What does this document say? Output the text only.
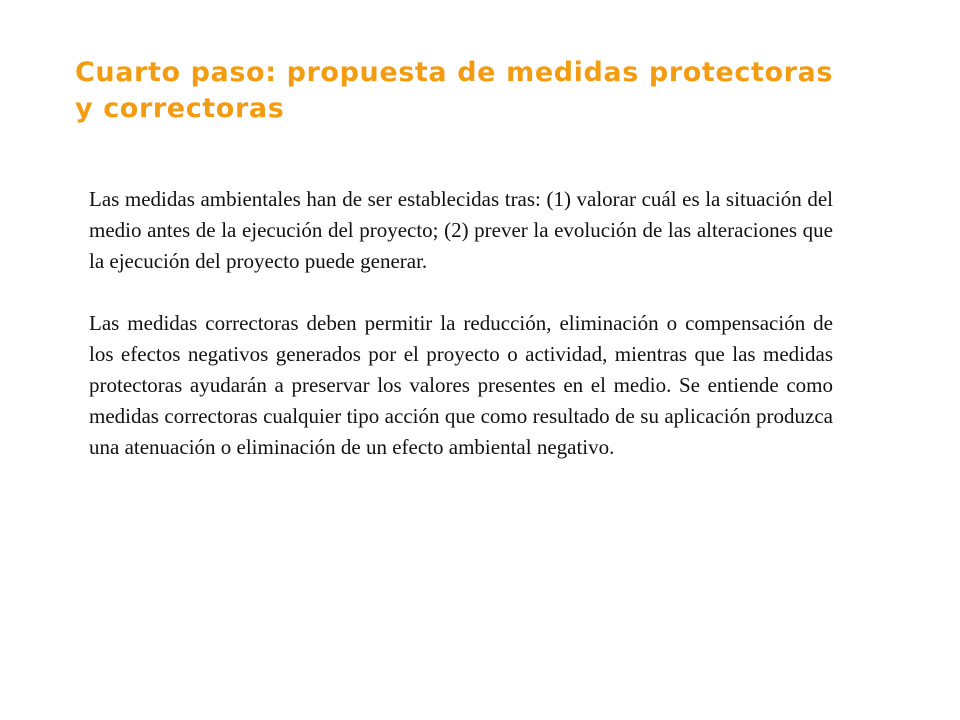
Cuarto paso: propuesta de medidas protectoras y correctoras

Las medidas ambientales han de ser establecidas tras: (1) valorar cuál es la situación del medio antes de la ejecución del proyecto; (2) prever la evolución de las alteraciones que la ejecución del proyecto puede generar.

Las medidas correctoras deben permitir la reducción, eliminación o compensación de los efectos negativos generados por el proyecto o actividad, mientras que las medidas protectoras ayudarán a preservar los valores presentes en el medio. Se entiende como medidas correctoras cualquier tipo acción que como resultado de su aplicación produzca una atenuación o eliminación de un efecto ambiental negativo.
